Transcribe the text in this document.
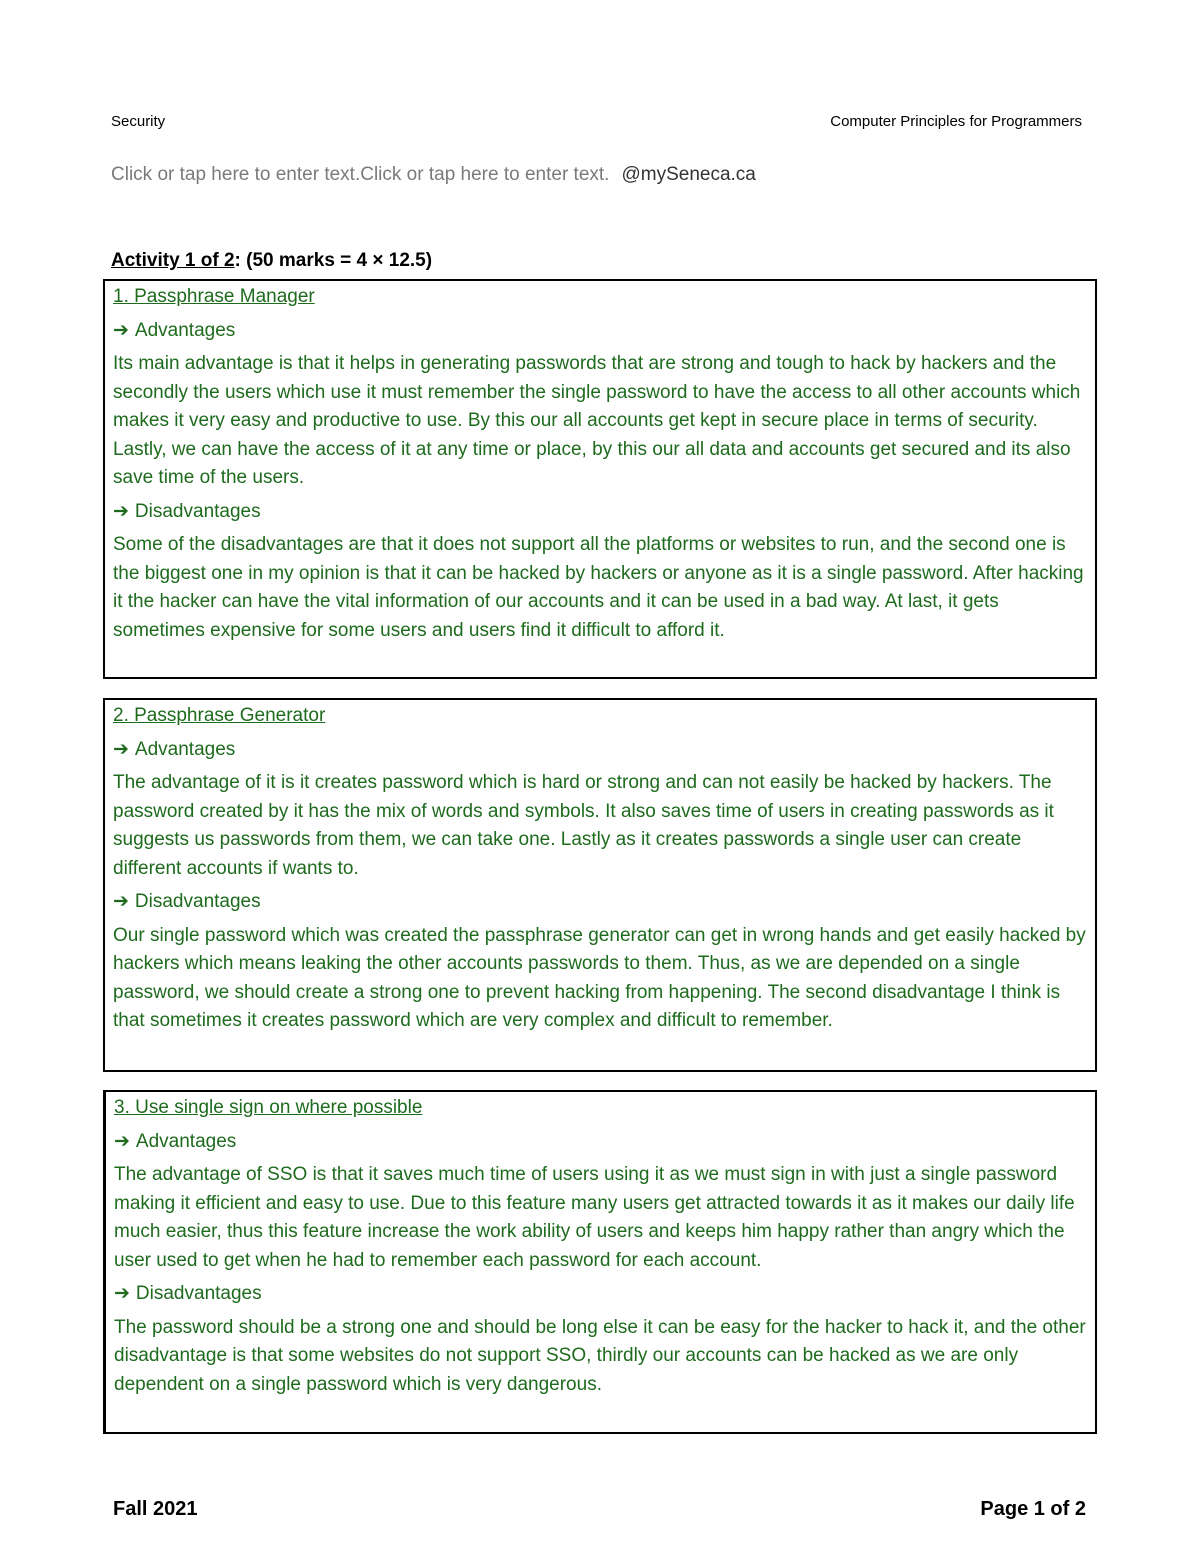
Security	Computer Principles for Programmers
Click or tap here to enter text.Click or tap here to enter text. @mySeneca.ca
Activity 1 of 2: (50 marks = 4 × 12.5)
1. Passphrase Manager
➔ Advantages

Its main advantage is that it helps in generating passwords that are strong and tough to hack by hackers and the secondly the users which use it must remember the single password to have the access to all other accounts which makes it very easy and productive to use. By this our all accounts get kept in secure place in terms of security. Lastly, we can have the access of it at any time or place, by this our all data and accounts get secured and its also save time of the users.

➔ Disadvantages

Some of the disadvantages are that it does not support all the platforms or websites to run, and the second one is the biggest one in my opinion is that it can be hacked by hackers or anyone as it is a single password. After hacking it the hacker can have the vital information of our accounts and it can be used in a bad way. At last, it gets sometimes expensive for some users and users find it difficult to afford it.

2. Passphrase Generator
➔ Advantages

The advantage of it is it creates password which is hard or strong and can not easily be hacked by hackers. The password created by it has the mix of words and symbols. It also saves time of users in creating passwords as it suggests us passwords from them, we can take one. Lastly as it creates passwords a single user can create different accounts if wants to.

➔ Disadvantages

Our single password which was created the passphrase generator can get in wrong hands and get easily hacked by hackers which means leaking the other accounts passwords to them. Thus, as we are depended on a single password, we should create a strong one to prevent hacking from happening. The second disadvantage I think is that sometimes it creates password which are very complex and difficult to remember.

3. Use single sign on where possible
➔ Advantages

The advantage of SSO is that it saves much time of users using it as we must sign in with just a single password making it efficient and easy to use. Due to this feature many users get attracted towards it as it makes our daily life much easier, thus this feature increase the work ability of users and keeps him happy rather than angry which the user used to get when he had to remember each password for each account.

➔ Disadvantages

The password should be a strong one and should be long else it can be easy for the hacker to hack it, and the other disadvantage is that some websites do not support SSO, thirdly our accounts can be hacked as we are only dependent on a single password which is very dangerous.

Fall 2021	Page 1 of 2
